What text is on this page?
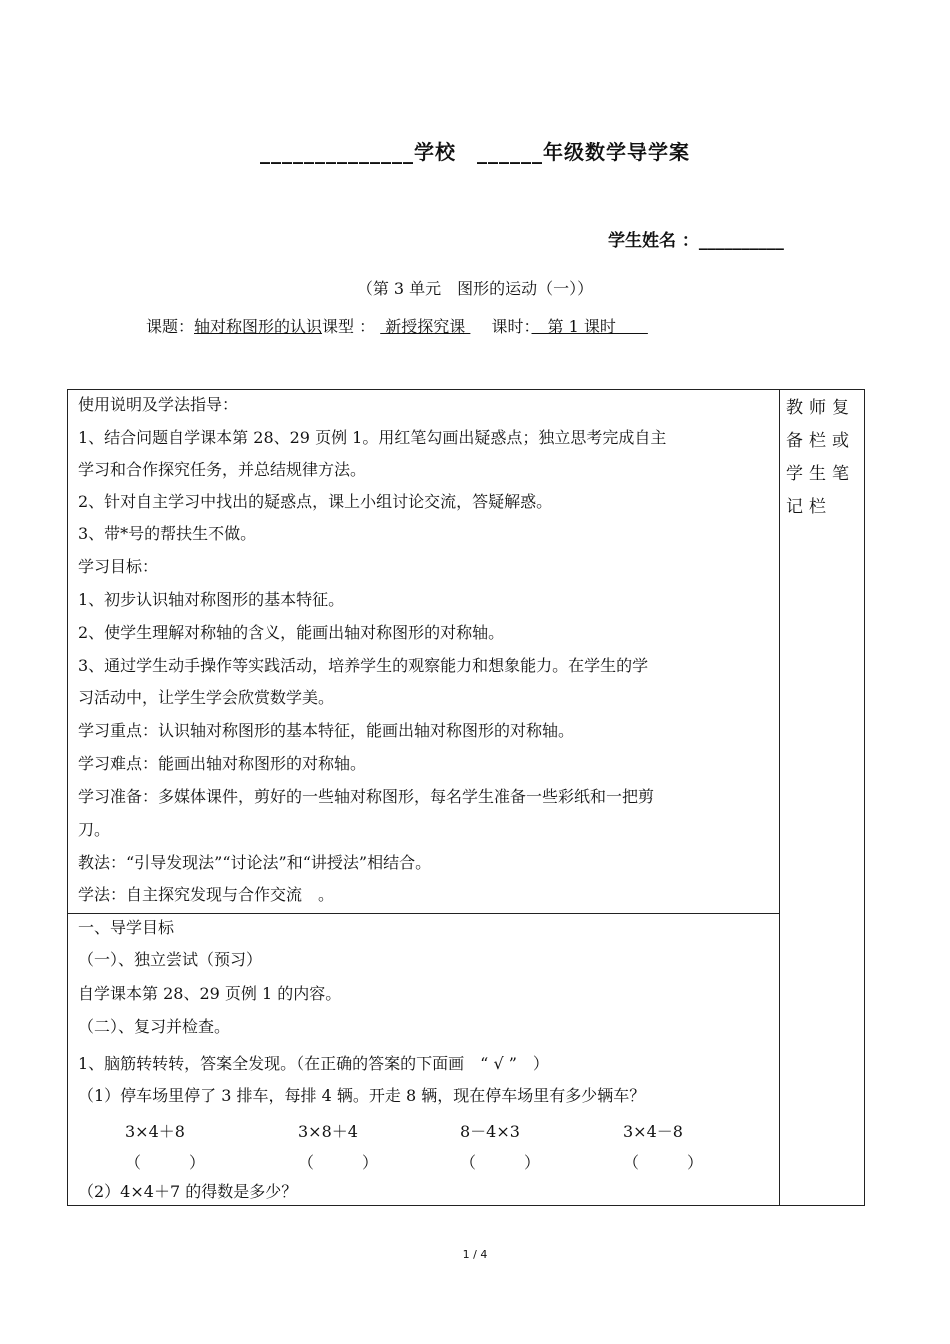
______________学校　______年级数学导学案
学生姓名 ：__________
（第 3 单元　图形的运动（一））
课题：轴对称图形的认识课型 ：  新授探究课 　 课时：　第 1 课时　　
教师复备栏或学生笔记栏
使用说明及学法指导：
1、结合问题自学课本第 28、29 页例 1。用红笔勾画出疑惑点；独立思考完成自主
学习和合作探究任务，并总结规律方法。
2、针对自主学习中找出的疑惑点，课上小组讨论交流，答疑解惑。
3、带*号的帮扶生不做。
学习目标：
1、初步认识轴对称图形的基本特征。
2、使学生理解对称轴的含义，能画出轴对称图形的对称轴。
3、通过学生动手操作等实践活动，培养学生的观察能力和想象能力。在学生的学
习活动中，让学生学会欣赏数学美。
学习重点：认识轴对称图形的基本特征，能画出轴对称图形的对称轴。
学习难点：能画出轴对称图形的对称轴。
学习准备：多媒体课件，剪好的一些轴对称图形，每名学生准备一些彩纸和一把剪
刀。
教法：“引导发现法”“讨论法”和“讲授法”相结合。
学法：自主探究发现与合作交流　。
一、导学目标
（一）、独立尝试（预习）
自学课本第 28、29 页例 1 的内容。
（二）、复习并检查。
1、脑筋转转转，答案全发现。（在正确的答案的下面画　“ √ ”　）
（1）停车场里停了 3 排车，每排 4 辆。开走 8 辆，现在停车场里有多少辆车？
3×4＋8	3×8＋4	8－4×3	3×4－8
（　　　）	（　　　）	（　　　）	（　　　）
（2）4×4＋7 的得数是多少？
1 / 4
